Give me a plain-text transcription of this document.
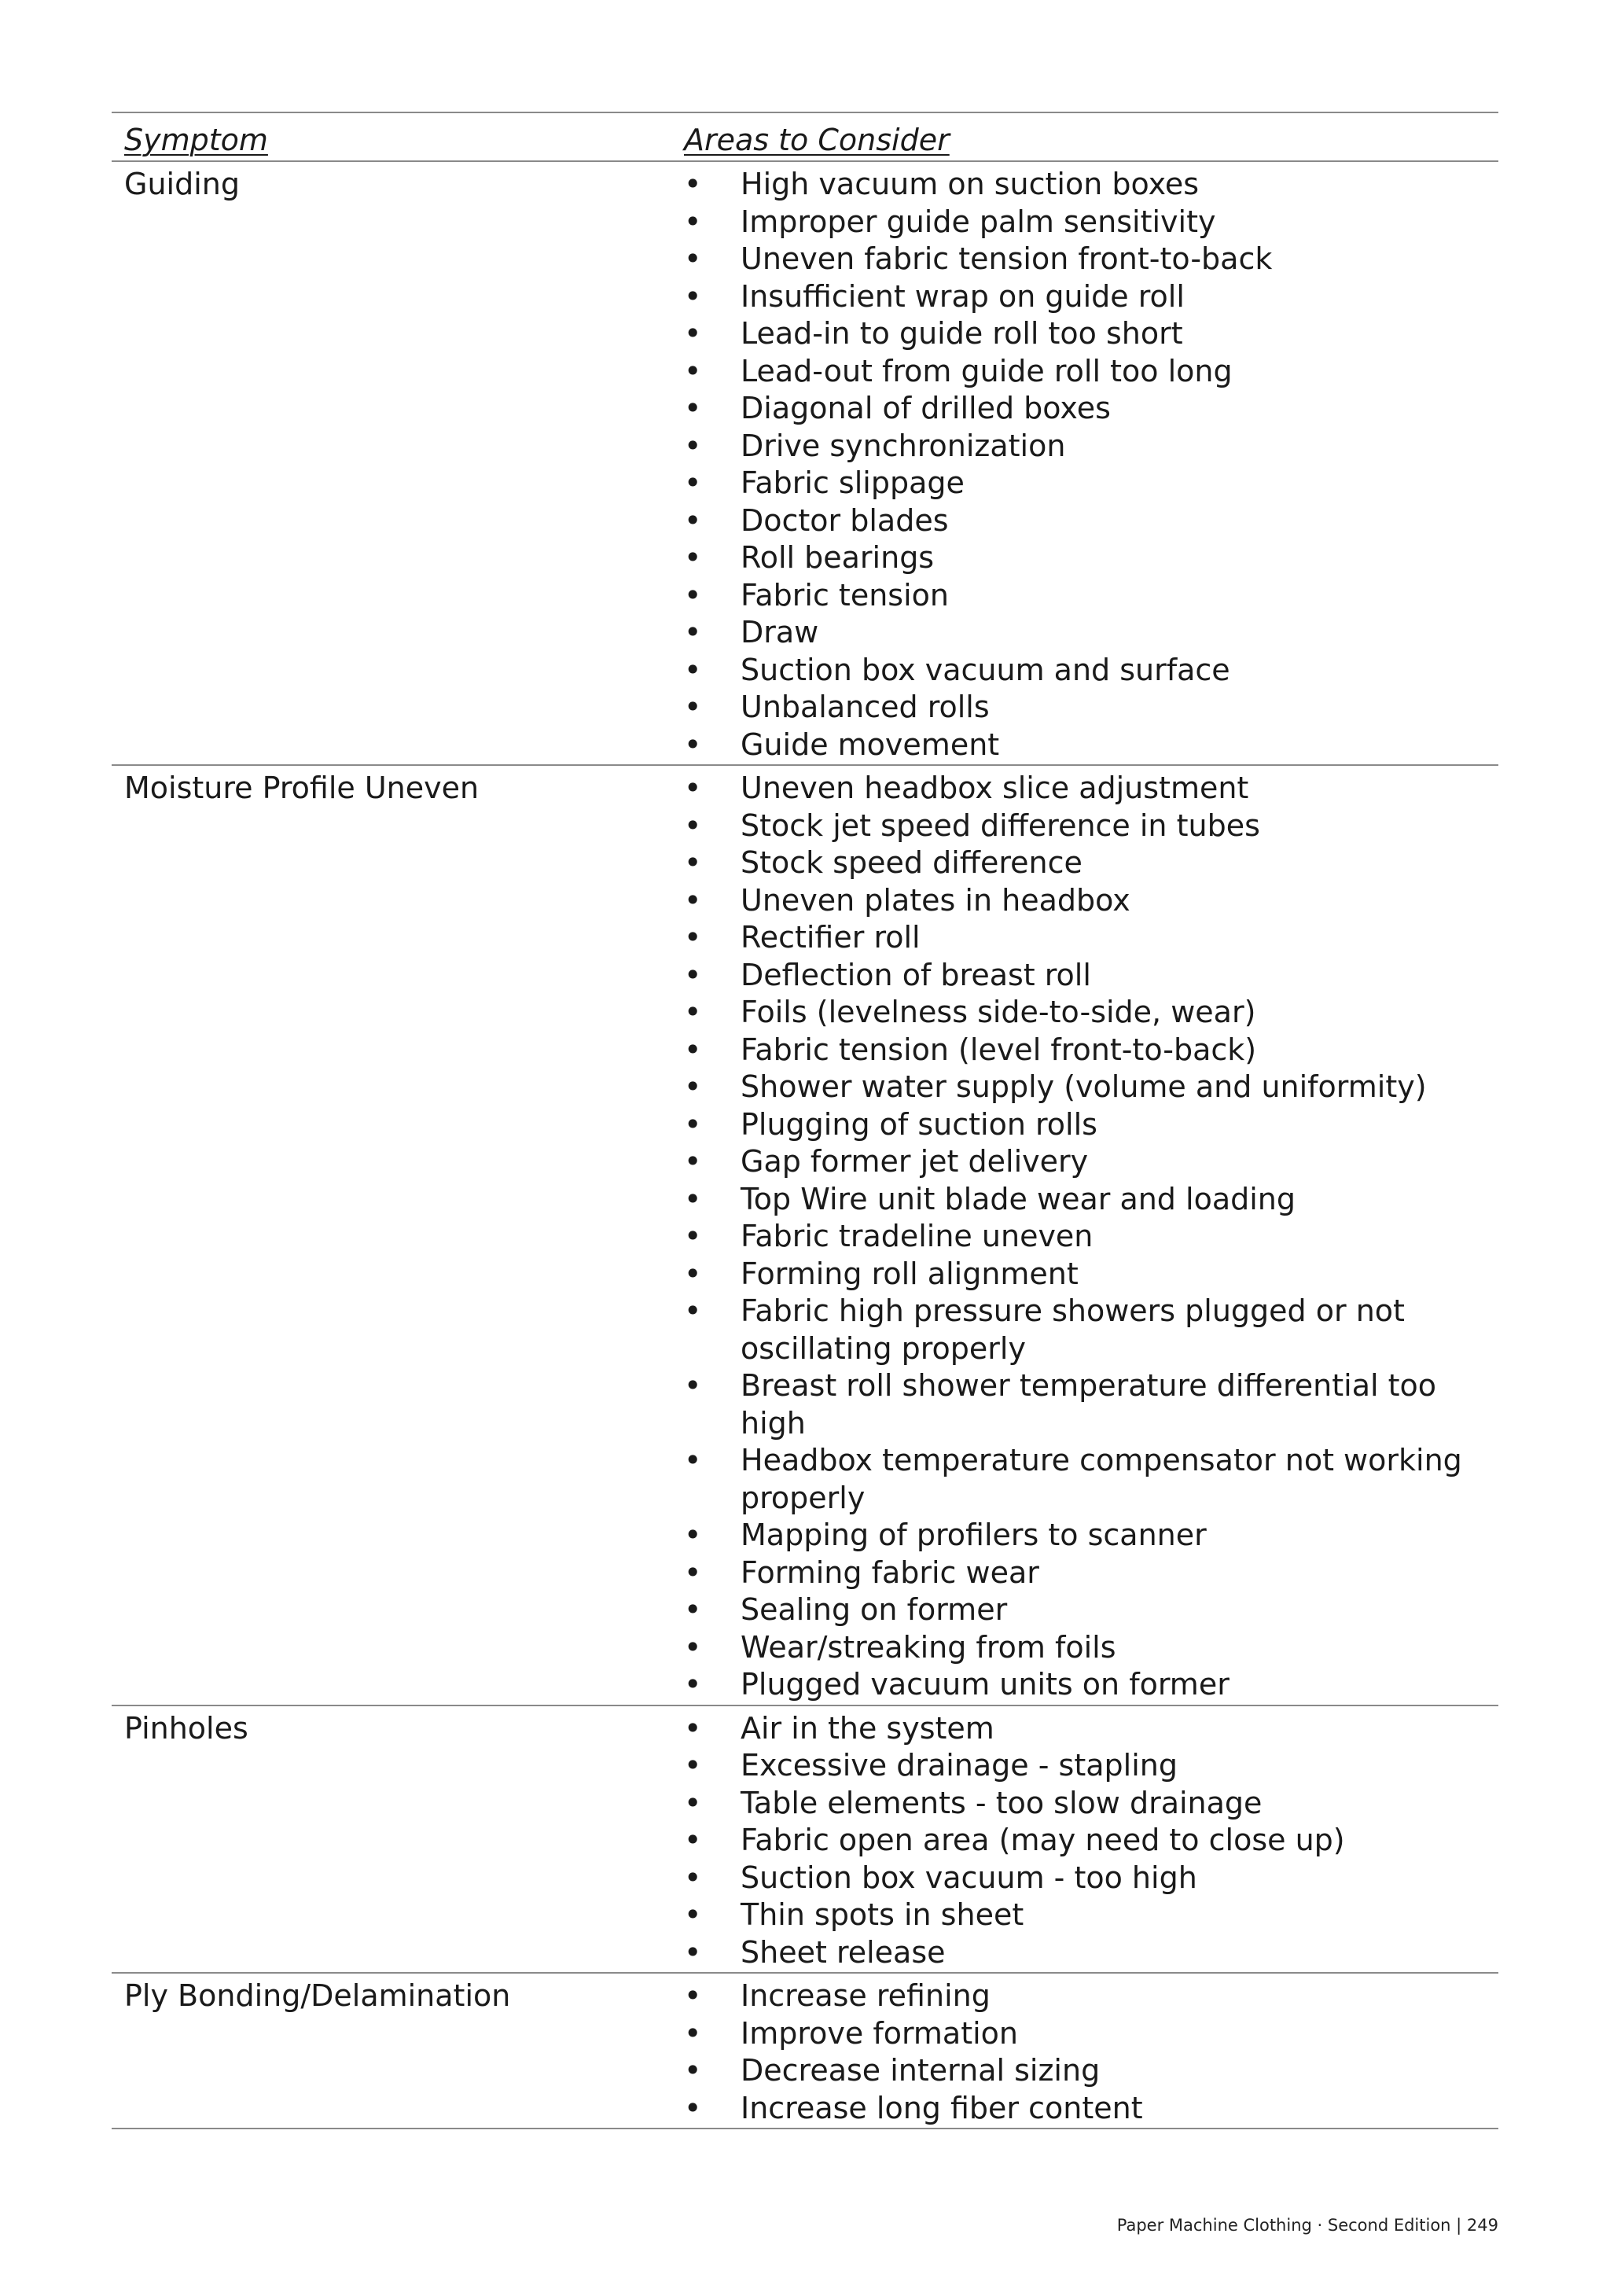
Symptom	Areas to Consider
Guiding	• High vacuum on suction boxes
• Improper guide palm sensitivity
• Uneven fabric tension front-to-back
• Insufficient wrap on guide roll
• Lead-in to guide roll too short
• Lead-out from guide roll too long
• Diagonal of drilled boxes
• Drive synchronization
• Fabric slippage
• Doctor blades
• Roll bearings
• Fabric tension
• Draw
• Suction box vacuum and surface
• Unbalanced rolls
• Guide movement
Moisture Profile Uneven	• Uneven headbox slice adjustment
• Stock jet speed difference in tubes
• Stock speed difference
• Uneven plates in headbox
• Rectifier roll
• Deflection of breast roll
• Foils (levelness side-to-side, wear)
• Fabric tension (level front-to-back)
• Shower water supply (volume and uniformity)
• Plugging of suction rolls
• Gap former jet delivery
• Top Wire unit blade wear and loading
• Fabric tradeline uneven
• Forming roll alignment
• Fabric high pressure showers plugged or not oscillating properly
• Breast roll shower temperature differential too high
• Headbox temperature compensator not working properly
• Mapping of profilers to scanner
• Forming fabric wear
• Sealing on former
• Wear/streaking from foils
• Plugged vacuum units on former
Pinholes	• Air in the system
• Excessive drainage - stapling
• Table elements - too slow drainage
• Fabric open area (may need to close up)
• Suction box vacuum - too high
• Thin spots in sheet
• Sheet release
Ply Bonding/Delamination	• Increase refining
• Improve formation
• Decrease internal sizing
• Increase long fiber content
Paper Machine Clothing · Second Edition | 249
